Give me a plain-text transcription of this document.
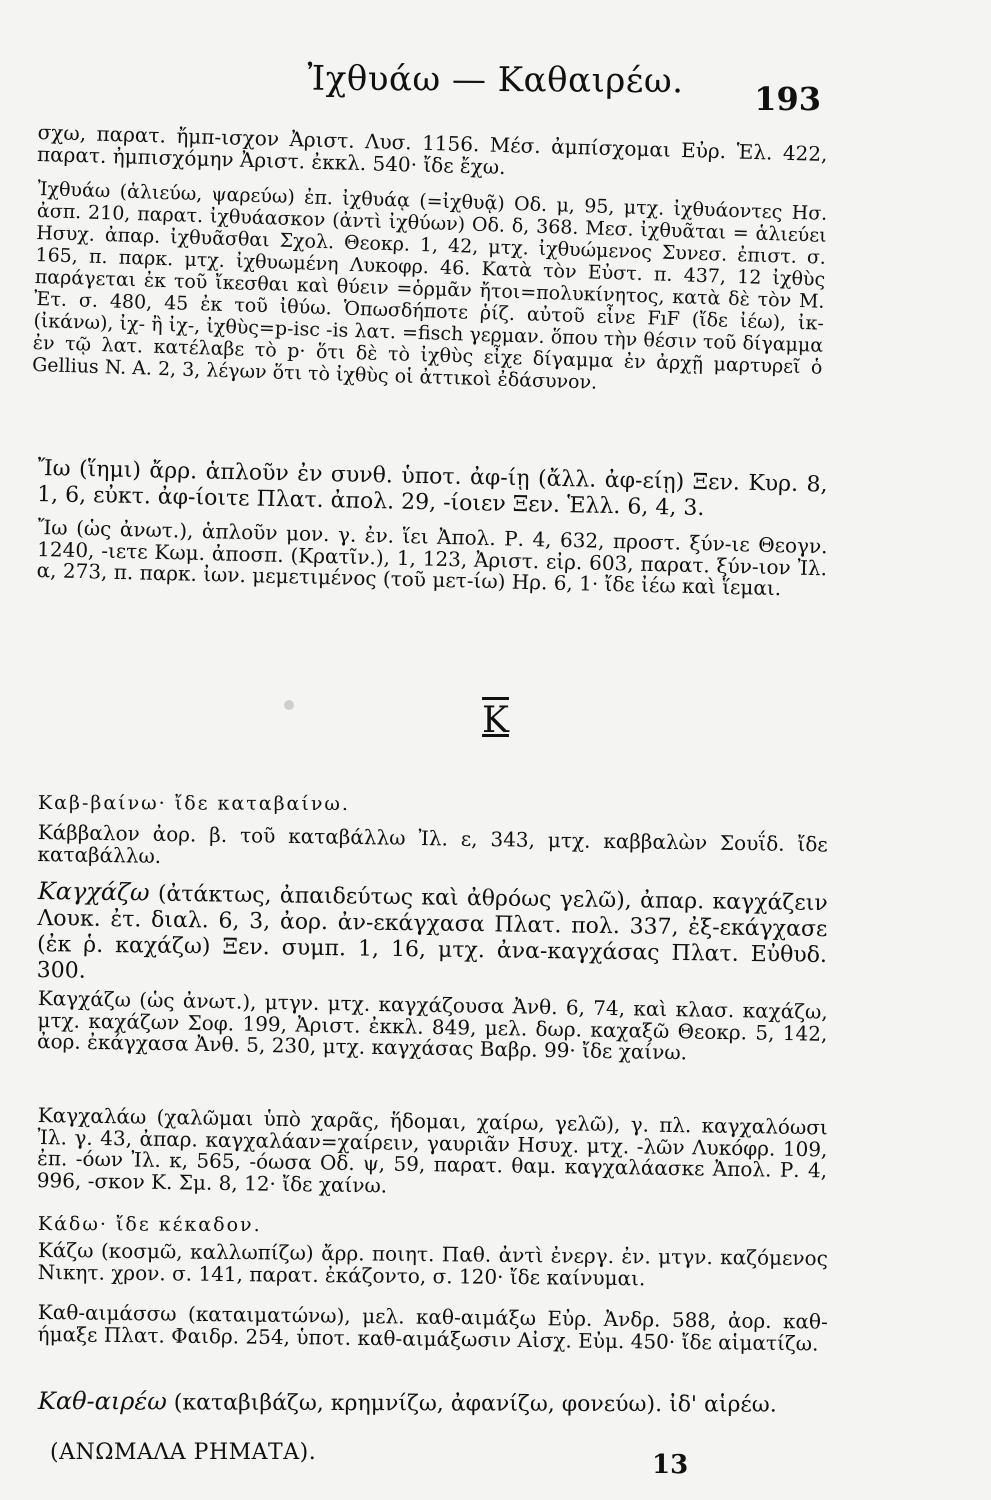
Ἰχθυάω — Καθαιρέω.	193
σχω, παρατ. ἤμπ-ισχον Ἀριστ. Λυσ. 1156. Μέσ. ἀμπίσχομαι Εὐρ. Ἑλ. 422, παρατ. ἠμπισχόμην Ἀριστ. ἐκκλ. 540· ἴδε ἔχω.
Ἰχθυάω (ἁλιεύω, ψαρεύω) ἐπ. ἰχθυάᾳ (=ἰχθυᾷ) Οδ. μ, 95, μτχ. ἰχθυάοντες Ησ. ἀσπ. 210, παρατ. ἰχθυάασκον (ἀντὶ ἰχθύων) Οδ. δ, 368. Μεσ. ἰχθυᾶται = ἁλιεύει Ησυχ. ἀπαρ. ἰχθυᾶσθαι Σχολ. Θεοκρ. 1, 42, μτχ. ἰχθυώμενος Συνεσ. ἐπιστ. σ. 165, π. παρκ. μτχ. ἰχθυωμένη Λυκοφρ. 46. Κατὰ τὸν Εὐστ. π. 437, 12 ἰχθὺς παράγεται ἐκ τοῦ ἴκεσθαι καὶ θύειν =ὁρμᾶν ἤτοι=πολυκίνητος, κατὰ δὲ τὸν Μ. Ἐτ. σ. 480, 45 ἐκ τοῦ ἰθύω. Ὁπωσδήποτε ῥίζ. αὐτοῦ εἶνε FıF (ἴδε ἰέω), ἰκ- (ἰκάνω), ἰχ- ἢ ἰχ-, ἰχθὺς=p-isc -is λατ. =fisch γερμαν. ὅπου τὴν θέσιν τοῦ δίγαμμα ἐν τῷ λατ. κατέλαβε τὸ p· ὅτι δὲ τὸ ἰχθὺς εἶχε δίγαμμα ἐν ἀρχῇ μαρτυρεῖ ὁ Gellius N. A. 2, 3, λέγων ὅτι τὸ ἰχθὺς οἱ ἀττικοὶ ἐδάσυνον.
Ἴω (ἵημι) ἄρρ. ἁπλοῦν ἐν συνθ. ὑποτ. ἀφ-ίῃ (ἄλλ. ἀφ-είῃ) Ξεν. Κυρ. 8, 1, 6, εὐκτ. ἀφ-ίοιτε Πλατ. ἀπολ. 29, -ίοιεν Ξεν. Ἑλλ. 6, 4, 3.
Ἴω (ὡς ἀνωτ.), ἁπλοῦν μον. γ. ἐν. ἵει Ἀπολ. Ρ. 4, 632, προστ. ξύν-ιε Θεογν. 1240, -ιετε Κωμ. ἀποσπ. (Κρατῖν.), 1, 123, Ἀριστ. εἰρ. 603, παρατ. ξύν-ιον Ἰλ. α, 273, π. παρκ. ἰων. μεμετιμένος (τοῦ μετ-ίω) Ηρ. 6, 1· ἴδε ἰέω καὶ ἵεμαι.
Κ
Καβ-βαίνω· ἴδε καταβαίνω.
Κάββαλον ἀορ. β. τοῦ καταβάλλω Ἰλ. ε, 343, μτχ. καββαλὼν Σουΐδ. ἴδε καταβάλλω.
Καγχάζω (ἀτάκτως, ἀπαιδεύτως καὶ ἀθρόως γελῶ), ἀπαρ. καγχάζειν Λουκ. ἐτ. διαλ. 6, 3, ἀορ. ἀν-εκάγχασα Πλατ. πολ. 337, ἐξ-εκάγχασε (ἐκ ῥ. καχάζω) Ξεν. συμπ. 1, 16, μτχ. ἀνα-καγχάσας Πλατ. Εὐθυδ. 300.
Καγχάζω (ὡς ἀνωτ.), μτγν. μτχ. καγχάζουσα Ἀνθ. 6, 74, καὶ κλασ. καχάζω, μτχ. καχάζων Σοφ. 199, Ἀριστ. ἐκκλ. 849, μελ. δωρ. καχαξῶ Θεοκρ. 5, 142, ἀορ. ἐκάγχασα Ἀνθ. 5, 230, μτχ. καγχάσας Βαβρ. 99· ἴδε χαίνω.
Καγχαλάω (χαλῶμαι ὑπὸ χαρᾶς, ἥδομαι, χαίρω, γελῶ), γ. πλ. καγχαλόωσι Ἰλ. γ. 43, ἀπαρ. καγχαλάαν=χαίρειν, γαυριᾶν Ησυχ. μτχ. -λῶν Λυκόφρ. 109, ἐπ. -όων Ἰλ. κ, 565, -όωσα Οδ. ψ, 59, παρατ. θαμ. καγχαλάασκε Ἀπολ. Ρ. 4, 996, -σκον Κ. Σμ. 8, 12· ἴδε χαίνω.
Κάδω· ἴδε κέκαδον.
Κάζω (κοσμῶ, καλλωπίζω) ἄρρ. ποιητ. Παθ. ἀντὶ ἐνεργ. ἐν. μτγν. καζόμενος Νικητ. χρον. σ. 141, παρατ. ἐκάζοντο, σ. 120· ἴδε καίνυμαι.
Καθ-αιμάσσω (καταιματώνω), μελ. καθ-αιμάξω Εὐρ. Ἀνδρ. 588, ἀορ. καθ-ήμαξε Πλατ. Φαιδρ. 254, ὑποτ. καθ-αιμάξωσιν Αἰσχ. Εὐμ. 450· ἴδε αἱματίζω.
Καθ-αιρέω (καταβιβάζω, κρημνίζω, ἀφανίζω, φονεύω). ἰδ' αἱρέω.
(ΑΝΩΜΑΛΑ ΡΗΜΑΤΑ).	13
